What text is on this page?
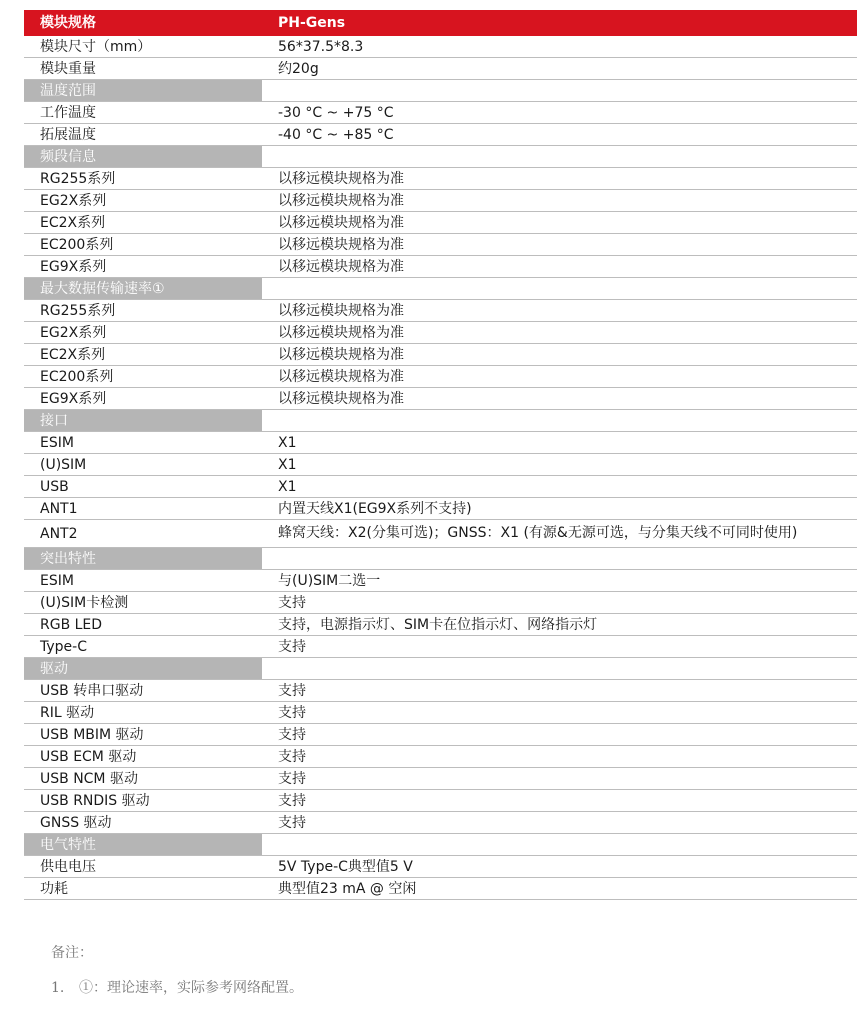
模块规格	PH-Gens
模块尺寸（mm）	56*37.5*8.3
模块重量	约20g
温度范围	
工作温度	-30 °C ~ +75 °C
拓展温度	-40 °C ~ +85 °C
频段信息	
RG255系列	以移远模块规格为准
EG2X系列	以移远模块规格为准
EC2X系列	以移远模块规格为准
EC200系列	以移远模块规格为准
EG9X系列	以移远模块规格为准
最大数据传输速率①	
RG255系列	以移远模块规格为准
EG2X系列	以移远模块规格为准
EC2X系列	以移远模块规格为准
EC200系列	以移远模块规格为准
EG9X系列	以移远模块规格为准
接口	
ESIM	X1
(U)SIM	X1
USB	X1
ANT1	内置天线X1(EG9X系列不支持)
ANT2	蜂窝天线：X2(分集可选)；GNSS：X1 (有源&无源可选，与分集天线不可同时使用)
突出特性	
ESIM	与(U)SIM二选一
(U)SIM卡检测	支持
RGB LED	支持，电源指示灯、SIM卡在位指示灯、网络指示灯
Type-C	支持
驱动	
USB 转串口驱动	支持
RIL 驱动	支持
USB MBIM 驱动	支持
USB ECM 驱动	支持
USB NCM 驱动	支持
USB RNDIS 驱动	支持
GNSS 驱动	支持
电气特性	
供电电压	5V Type-C典型值5 V
功耗	典型值23 mA @ 空闲
备注：
1. ①：理论速率，实际参考网络配置。
